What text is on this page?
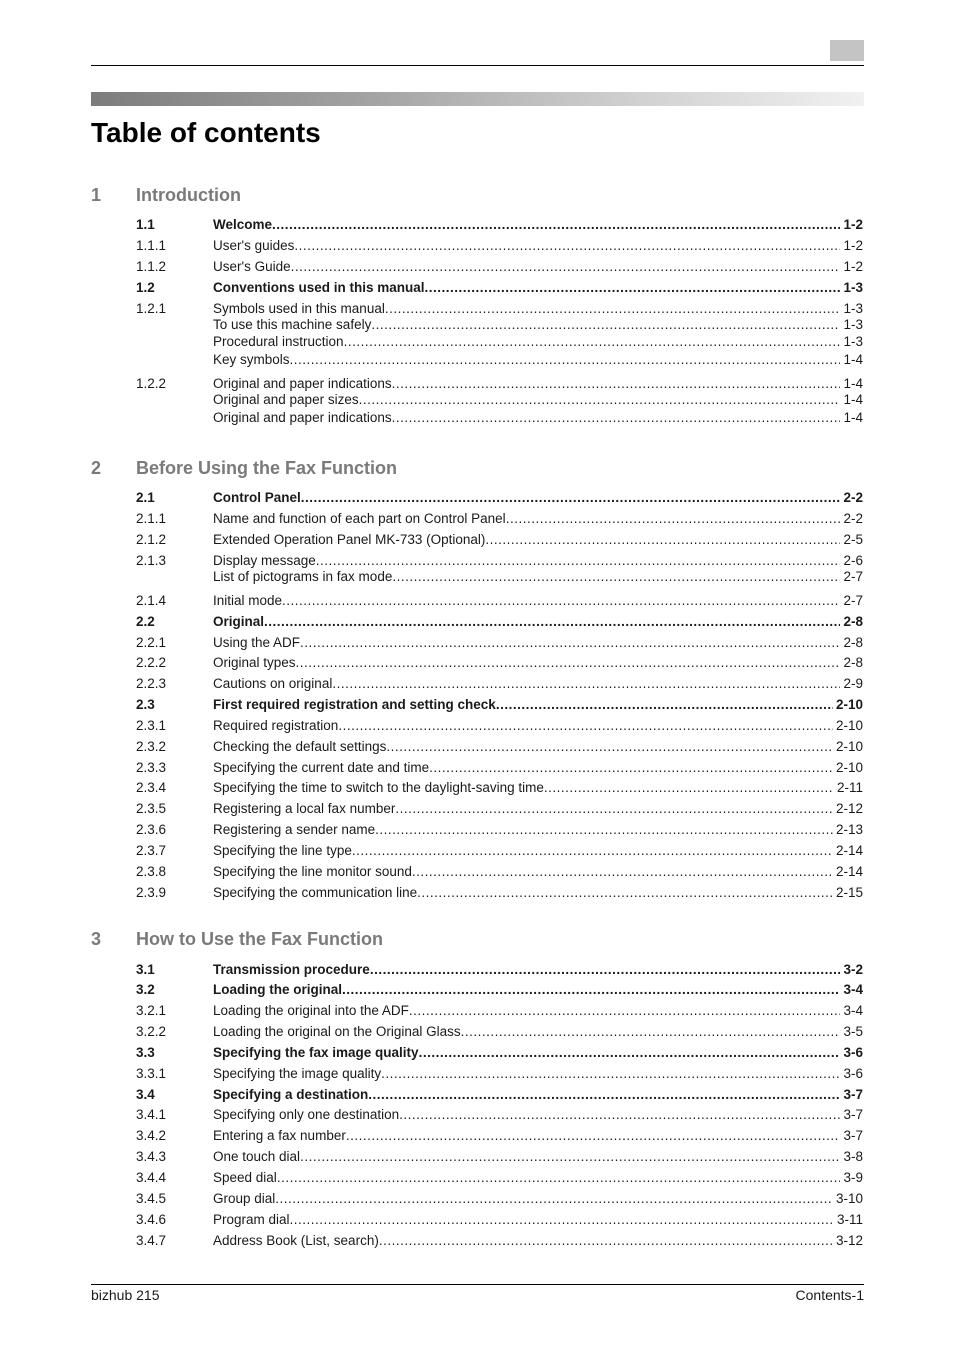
Table of contents
1 Introduction
1.1	Welcome .....	1-2
1.1.1	User's guides .....	1-2
1.1.2	User's Guide .....	1-2
1.2	Conventions used in this manual .....	1-3
1.2.1	Symbols used in this manual .....	1-3
To use this machine safely .....	1-3
Procedural instruction .....	1-3
Key symbols .....	1-4
1.2.2	Original and paper indications .....	1-4
Original and paper sizes .....	1-4
Original and paper indications .....	1-4
2 Before Using the Fax Function
2.1	Control Panel .....	2-2
2.1.1	Name and function of each part on Control Panel .....	2-2
2.1.2	Extended Operation Panel MK-733 (Optional) .....	2-5
2.1.3	Display message .....	2-6
List of pictograms in fax mode .....	2-7
2.1.4	Initial mode .....	2-7
2.2	Original .....	2-8
2.2.1	Using the ADF .....	2-8
2.2.2	Original types .....	2-8
2.2.3	Cautions on original .....	2-9
2.3	First required registration and setting check .....	2-10
2.3.1	Required registration .....	2-10
2.3.2	Checking the default settings .....	2-10
2.3.3	Specifying the current date and time .....	2-10
2.3.4	Specifying the time to switch to the daylight-saving time .....	2-11
2.3.5	Registering a local fax number .....	2-12
2.3.6	Registering a sender name .....	2-13
2.3.7	Specifying the line type .....	2-14
2.3.8	Specifying the line monitor sound .....	2-14
2.3.9	Specifying the communication line .....	2-15
3 How to Use the Fax Function
3.1	Transmission procedure .....	3-2
3.2	Loading the original .....	3-4
3.2.1	Loading the original into the ADF .....	3-4
3.2.2	Loading the original on the Original Glass .....	3-5
3.3	Specifying the fax image quality .....	3-6
3.3.1	Specifying the image quality .....	3-6
3.4	Specifying a destination .....	3-7
3.4.1	Specifying only one destination .....	3-7
3.4.2	Entering a fax number .....	3-7
3.4.3	One touch dial .....	3-8
3.4.4	Speed dial .....	3-9
3.4.5	Group dial .....	3-10
3.4.6	Program dial .....	3-11
3.4.7	Address Book (List, search) .....	3-12
bizhub 215	Contents-1
